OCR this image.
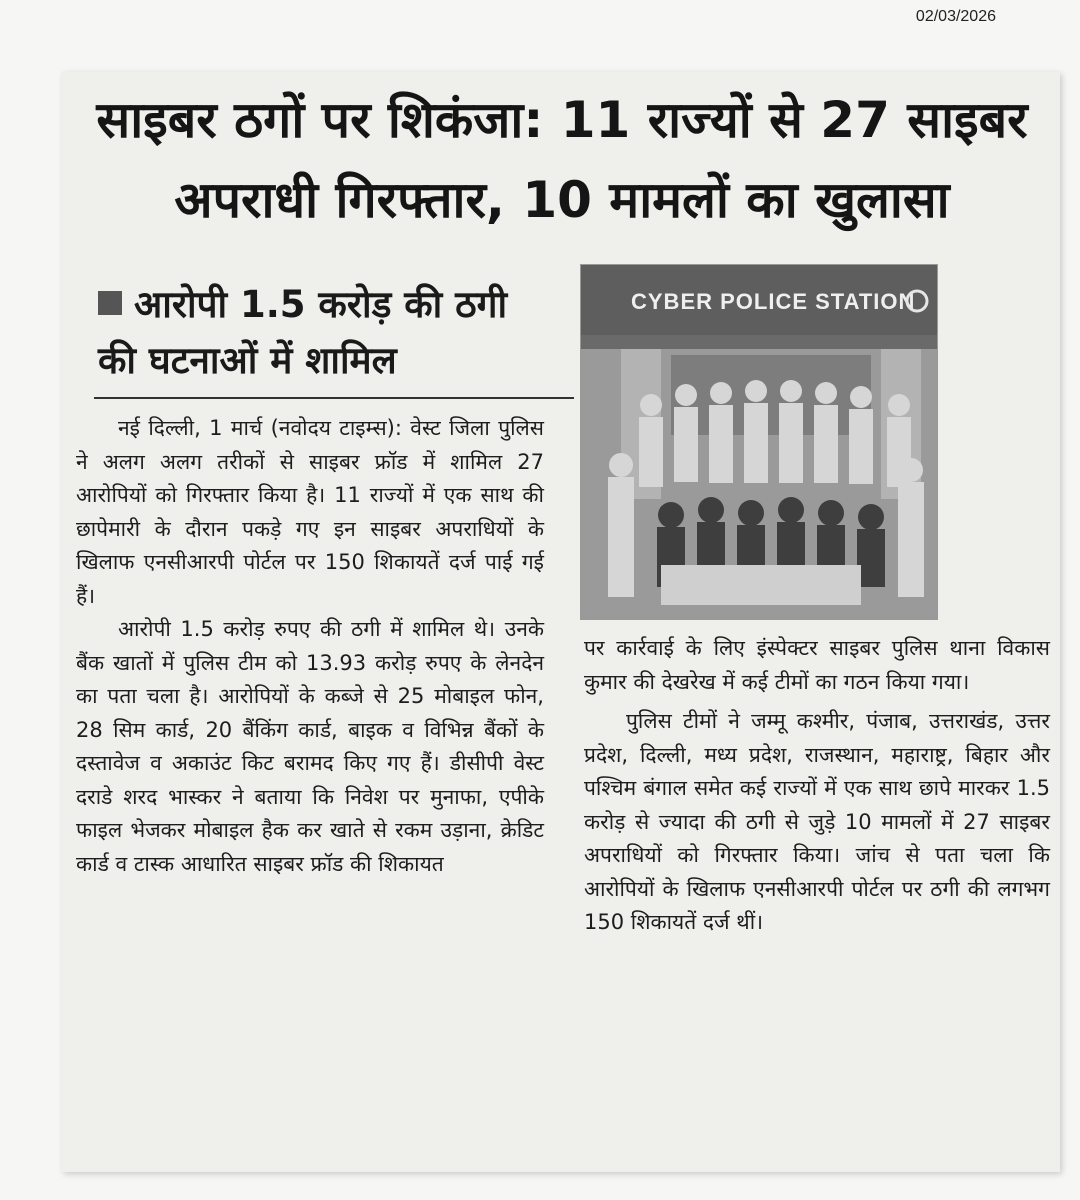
02/03/2026
साइबर ठगों पर शिकंजा: 11 राज्यों से 27 साइबर
अपराधी गिरफ्तार, 10 मामलों का खुलासा
आरोपी 1.5 करोड़ की ठगी
की घटनाओं में शामिल
CYBER POLICE STATION

नई दिल्ली, 1 मार्च (नवोदय टाइम्स): वेस्ट जिला पुलिस ने अलग अलग तरीकों से साइबर फ्रॉड में शामिल 27 आरोपियों को गिरफ्तार किया है। 11 राज्यों में एक साथ की छापेमारी के दौरान पकड़े गए इन साइबर अपराधियों के खिलाफ एनसीआरपी पोर्टल पर 150 शिकायतें दर्ज पाई गई हैं।

आरोपी 1.5 करोड़ रुपए की ठगी में शामिल थे। उनके बैंक खातों में पुलिस टीम को 13.93 करोड़ रुपए के लेनदेन का पता चला है। आरोपियों के कब्जे से 25 मोबाइल फोन, 28 सिम कार्ड, 20 बैंकिंग कार्ड, बाइक व विभिन्न बैंकों के दस्तावेज व अकाउंट किट बरामद किए गए हैं। डीसीपी वेस्ट दराडे शरद भास्कर ने बताया कि निवेश पर मुनाफा, एपीके फाइल भेजकर मोबाइल हैक कर खाते से रकम उड़ाना, क्रेडिट कार्ड व टास्क आधारित साइबर फ्रॉड की शिकायत

पर कार्रवाई के लिए इंस्पेक्टर साइबर पुलिस थाना विकास कुमार की देखरेख में कई टीमों का गठन किया गया।

पुलिस टीमों ने जम्मू कश्मीर, पंजाब, उत्तराखंड, उत्तर प्रदेश, दिल्ली, मध्य प्रदेश, राजस्थान, महाराष्ट्र, बिहार और पश्चिम बंगाल समेत कई राज्यों में एक साथ छापे मारकर 1.5 करोड़ से ज्यादा की ठगी से जुड़े 10 मामलों में 27 साइबर अपराधियों को गिरफ्तार किया। जांच से पता चला कि आरोपियों के खिलाफ एनसीआरपी पोर्टल पर ठगी की लगभग 150 शिकायतें दर्ज थीं।
